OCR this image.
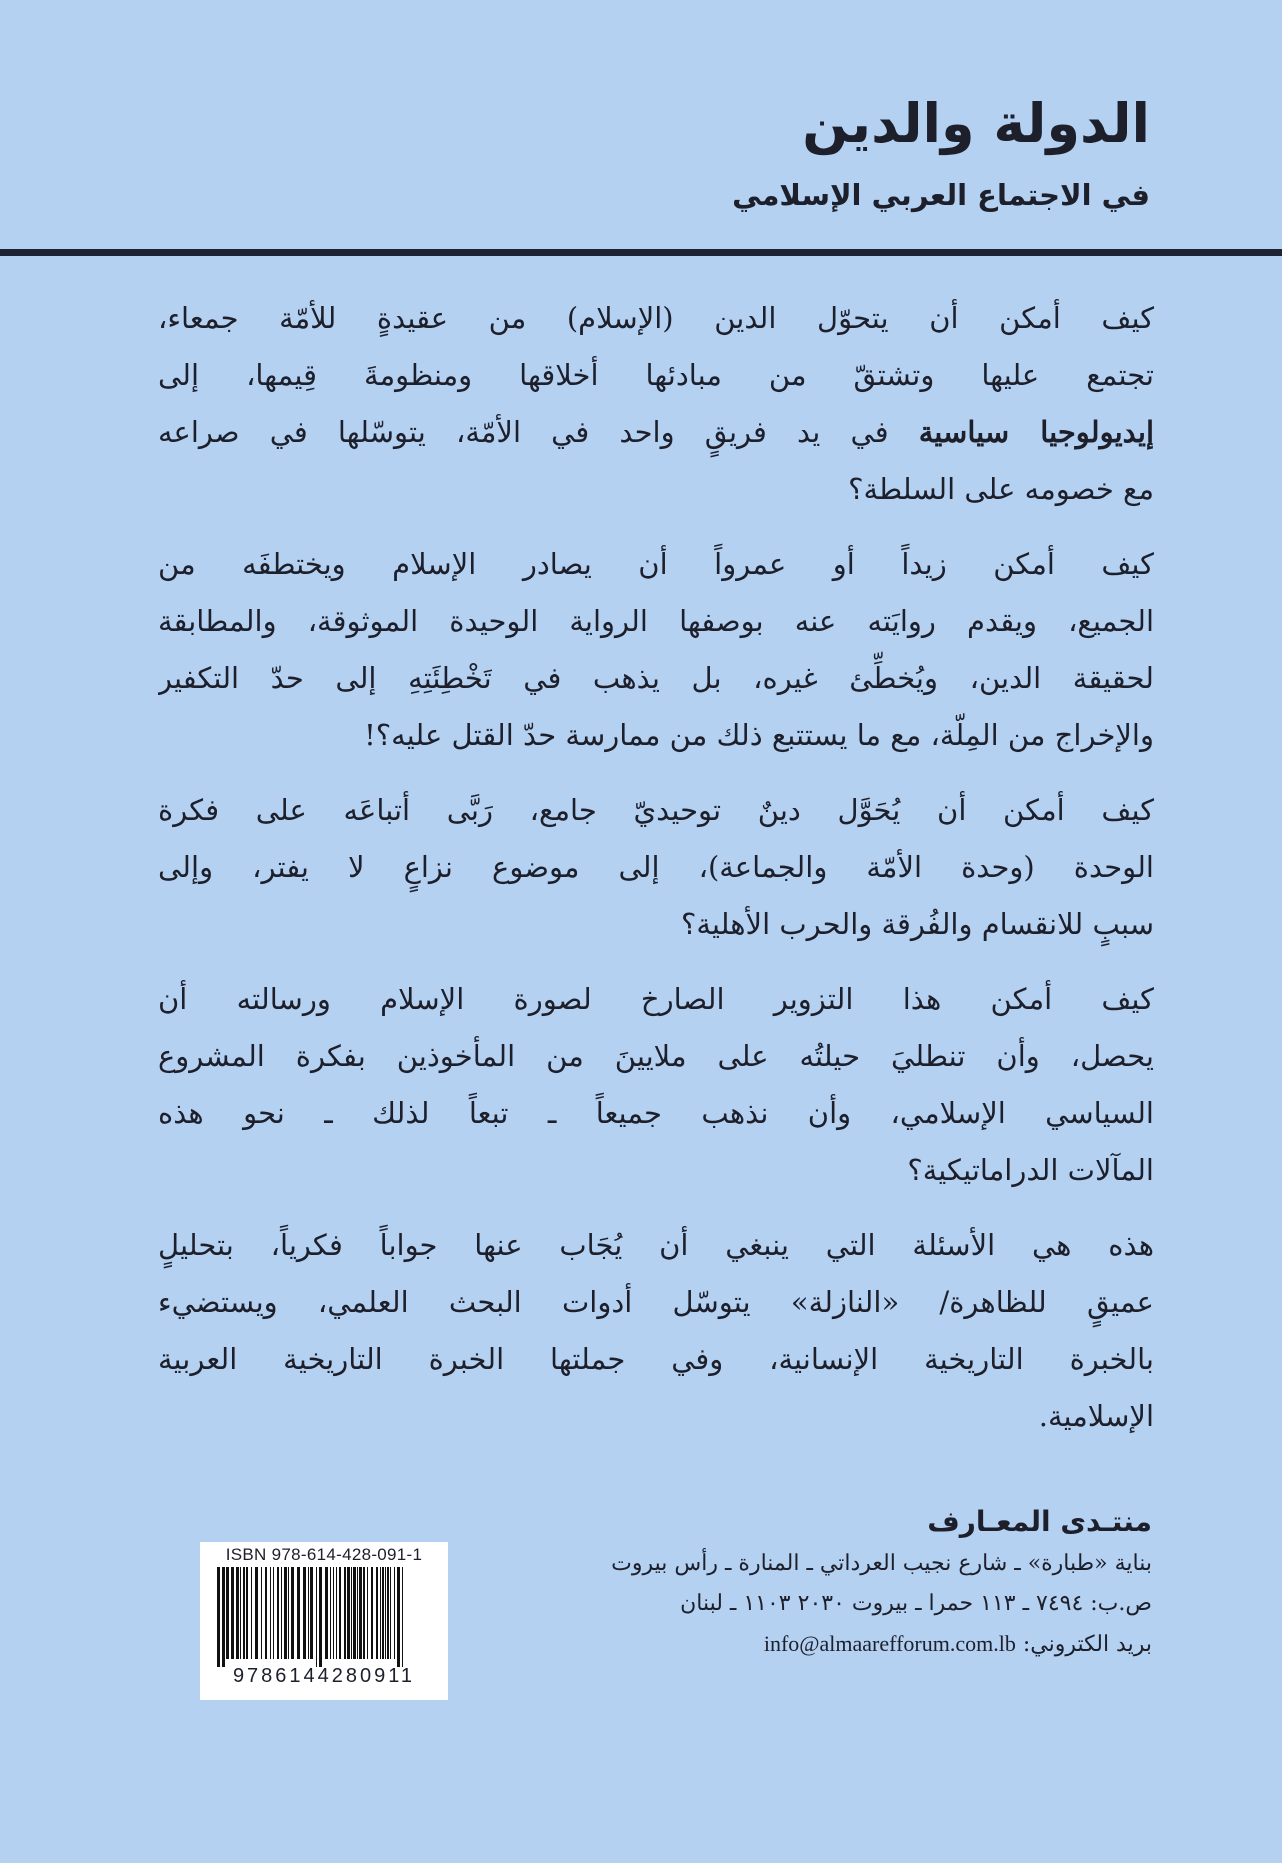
الدولة والدين
في الاجتماع العربي الإسلامي
كيف أمكن أن يتحوّل الدين (الإسلام) من عقيدةٍ للأمّة جمعاء،
تجتمع عليها وتشتقّ من مبادئها أخلاقها ومنظومةَ قِيمها، إلى
إيديولوجيا سياسية في يد فريقٍ واحد في الأمّة، يتوسّلها في صراعه
مع خصومه على السلطة؟
كيف أمكن زيداً أو عمرواً أن يصادر الإسلام ويختطفَه من
الجميع، ويقدم روايَته عنه بوصفها الرواية الوحيدة الموثوقة، والمطابقة
لحقيقة الدين، ويُخطِّئ غيره، بل يذهب في تَخْطِئَتِهِ إلى حدّ التكفير
والإخراج من المِلّة، مع ما يستتبع ذلك من ممارسة حدّ القتل عليه؟!
كيف أمكن أن يُحَوَّل دينٌ توحيديّ جامع، رَبَّى أتباعَه على فكرة
الوحدة (وحدة الأمّة والجماعة)، إلى موضوع نزاعٍ لا يفتر، وإلى
سببٍ للانقسام والفُرقة والحرب الأهلية؟
كيف أمكن هذا التزوير الصارخ لصورة الإسلام ورسالته أن
يحصل، وأن تنطليَ حيلتُه على ملايينَ من المأخوذين بفكرة المشروع
السياسي الإسلامي، وأن نذهب جميعاً ـ تبعاً لذلك ـ نحو هذه
المآلات الدراماتيكية؟
هذه هي الأسئلة التي ينبغي أن يُجَاب عنها جواباً فكرياً، بتحليلٍ
عميقٍ للظاهرة/ «النازلة» يتوسّل أدوات البحث العلمي، ويستضيء
بالخبرة التاريخية الإنسانية، وفي جملتها الخبرة التاريخية العربية
الإسلامية.
منتـدى المعـارف
بناية «طبارة» ـ شارع نجيب العرداتي ـ المنارة ـ رأس بيروت
ص.ب: ٧٤٩٤ ـ ١١٣ حمرا ـ بيروت ٢٠٣٠ ١١٠٣ ـ لبنان
بريد الكتروني: info@almaarefforum.com.lb
ISBN 978-614-428-091-1
9786144280911
